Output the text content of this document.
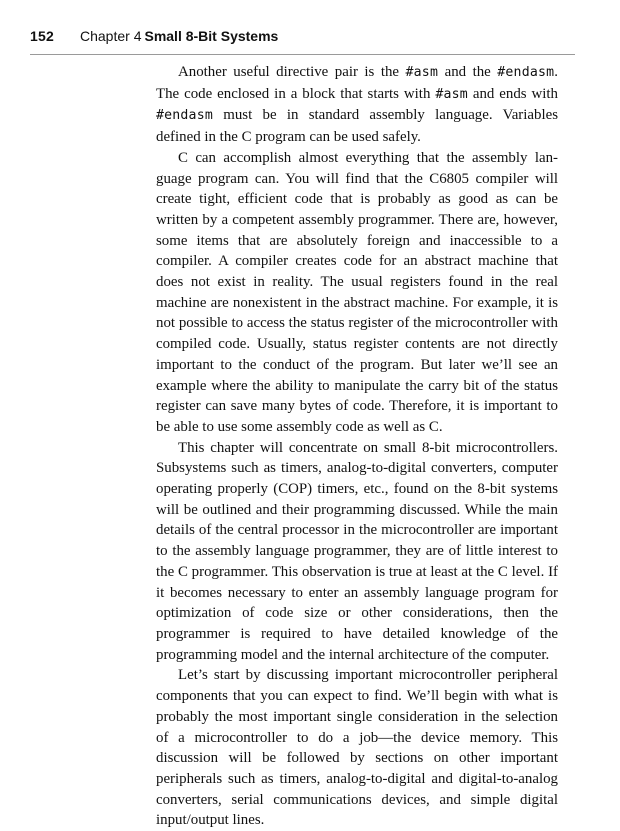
152 Chapter 4 Small 8-Bit Systems

Another useful directive pair is the #asm and the #endasm. The code enclosed in a block that starts with #asm and ends with #endasm must be in standard assembly language. Variables defined in the C program can be used safely.

C can accomplish almost everything that the assembly language program can. You will find that the C6805 compiler will create tight, efficient code that is probably as good as can be written by a competent assembly programmer. There are, however, some items that are absolutely foreign and inaccessible to a compiler. A compiler creates code for an abstract machine that does not exist in reality. The usual registers found in the real machine are nonexistent in the abstract machine. For example, it is not possible to access the status register of the microcontroller with compiled code. Usually, status register contents are not directly important to the conduct of the program. But later we’ll see an example where the ability to manipulate the carry bit of the status register can save many bytes of code. Therefore, it is important to be able to use some assembly code as well as C.

This chapter will concentrate on small 8-bit microcontrollers. Subsystems such as timers, analog-to-digital converters, computer operating properly (COP) timers, etc., found on the 8-bit systems will be outlined and their programming discussed. While the main details of the central processor in the microcontroller are important to the assembly language programmer, they are of little interest to the C programmer. This observation is true at least at the C level. If it becomes necessary to enter an assembly language program for optimization of code size or other considerations, then the programmer is required to have detailed knowledge of the programming model and the internal architecture of the computer.

Let’s start by discussing important microcontroller peripheral components that you can expect to find. We’ll begin with what is probably the most important single consideration in the selection of a microcontroller to do a job—the device memory. This discussion will be followed by sections on other important peripherals such as timers, analog-to-digital and digital-to-analog converters, serial communications devices, and simple digital input/output lines.
